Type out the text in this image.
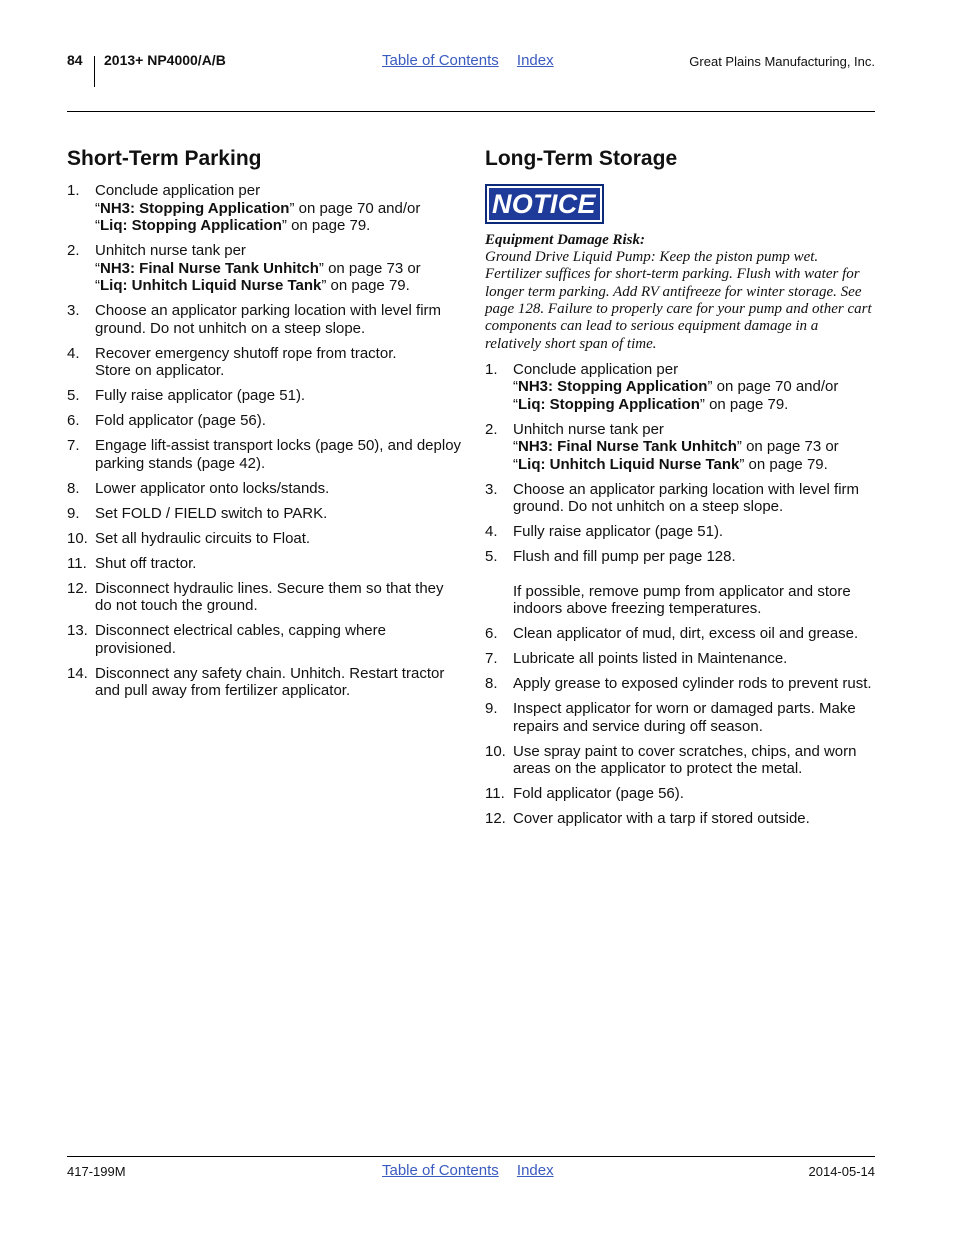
84 2013+ NP4000/A/B	Table of Contents Index	Great Plains Manufacturing, Inc.
Short-Term Parking
1.	Conclude application per
“NH3: Stopping Application” on page 70 and/or
“Liq: Stopping Application” on page 79.
2.	Unhitch nurse tank per
“NH3: Final Nurse Tank Unhitch” on page 73 or
“Liq: Unhitch Liquid Nurse Tank” on page 79.
3.	Choose an applicator parking location with level firm ground. Do not unhitch on a steep slope.
4.	Recover emergency shutoff rope from tractor.
Store on applicator.
5.	Fully raise applicator (page 51).
6.	Fold applicator (page 56).
7.	Engage lift-assist transport locks (page 50), and deploy parking stands (page 42).
8.	Lower applicator onto locks/stands.
9.	Set FOLD / FIELD switch to PARK.
10. Set all hydraulic circuits to Float.
11. Shut off tractor.
12. Disconnect hydraulic lines. Secure them so that they do not touch the ground.
13. Disconnect electrical cables, capping where provisioned.
14. Disconnect any safety chain. Unhitch. Restart tractor and pull away from fertilizer applicator.
Long-Term Storage
NOTICE
Equipment Damage Risk:
Ground Drive Liquid Pump: Keep the piston pump wet. Fertilizer suffices for short-term parking. Flush with water for longer term parking. Add RV antifreeze for winter storage. See page 128. Failure to properly care for your pump and other cart components can lead to serious equipment damage in a relatively short span of time.
1.	Conclude application per
“NH3: Stopping Application” on page 70 and/or
“Liq: Stopping Application” on page 79.
2.	Unhitch nurse tank per
“NH3: Final Nurse Tank Unhitch” on page 73 or
“Liq: Unhitch Liquid Nurse Tank” on page 79.
3.	Choose an applicator parking location with level firm ground. Do not unhitch on a steep slope.
4.	Fully raise applicator (page 51).
5.	Flush and fill pump per page 128.
If possible, remove pump from applicator and store indoors above freezing temperatures.
6.	Clean applicator of mud, dirt, excess oil and grease.
7.	Lubricate all points listed in Maintenance.
8.	Apply grease to exposed cylinder rods to prevent rust.
9.	Inspect applicator for worn or damaged parts. Make repairs and service during off season.
10. Use spray paint to cover scratches, chips, and worn areas on the applicator to protect the metal.
11. Fold applicator (page 56).
12. Cover applicator with a tarp if stored outside.
417-199M	Table of Contents Index	2014-05-14
